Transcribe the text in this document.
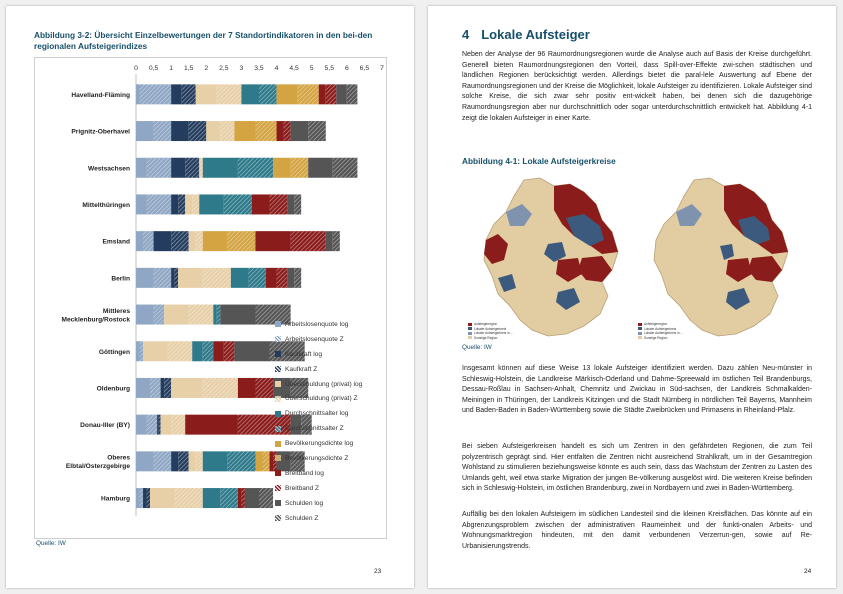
Abbildung 3-2: Übersicht Einzelbewertungen der 7 Standortindikatoren in den bei-den regionalen Aufsteigerindizes
0 0,5 1 1,5 2 2,5 3 3,5 4 4,5 5 5,5 6 6,5 7
Havelland-Fläming
Prignitz-Oberhavel
Westsachsen
Mittelthüringen
Emsland
Berlin
Mittleres
Mecklenburg/Rostock
Göttingen
Oldenburg
Donau-Iller (BY)
Oberes
Elbtal/Osterzgebirge
Hamburg
Arbeitslosenquote log
Arbeitslosenquote Z
Kaufkraft log
Kaufkraft Z
Überschuldung (privat) log
Überschuldung (privat) Z
Durchschnittsalter log
Durchschnittsalter Z
Bevölkerungsdichte log
Bevölkerungsdichte Z
Breitband log
Breitband Z
Schulden log
Schulden Z
Quelle: IW
23
4 Lokale Aufsteiger

Neben der Analyse der 96 Raumordnungsregionen wurde die Analyse auch auf Basis der Kreise durchgeführt. Generell bieten Raumordnungsregionen den Vorteil, dass Spill-over-Effekte zwi-schen städtischen und ländlichen Regionen berücksichtigt werden. Allerdings bietet die paral-lele Auswertung auf Ebene der Raumordnungsregionen und der Kreise die Möglichkeit, lokale Aufsteiger zu identifizieren. Lokale Aufsteiger sind solche Kreise, die sich zwar sehr positiv ent-wickelt haben, bei denen sich die dazugehörige Raumordnungsregion aber nur durchschnittlich oder sogar unterdurchschnittlich entwickelt hat. Abbildung 4-1 zeigt die lokalen Aufsteiger in einer Karte.

Abbildung 4-1: Lokale Aufsteigerkreise
Aufsteigerregion
Lokaler Aufsteigerkreis
Lokaler Aufsteigerkreis in ...
Sonstige Region
Aufsteigerregion
Lokaler Aufsteigerkreis
Lokaler Aufsteigerkreis in ...
Sonstige Region
Quelle: IW

Insgesamt können auf diese Weise 13 lokale Aufsteiger identifiziert werden. Dazu zählen Neu-münster in Schleswig-Holstein, die Landkreise Märkisch-Oderland und Dahme-Spreewald im östlichen Teil Brandenburgs, Dessau-Roßlau in Sachsen-Anhalt, Chemnitz und Zwickau in Süd-sachsen, der Landkreis Schmalkalden-Meiningen in Thüringen, der Landkreis Kitzingen und die Stadt Nürnberg in nördlichen Teil Bayerns, Mannheim und Baden-Baden in Baden-Württemberg sowie die Städte Zweibrücken und Primasens in Rheinland-Pfalz.

Bei sieben Aufsteigerkreisen handelt es sich um Zentren in den gefährdeten Regionen, die zum Teil polyzentrisch geprägt sind. Hier entfalten die Zentren nicht ausreichend Strahlkraft, um in der Gesamtregion Wohlstand zu stimulieren beziehungsweise könnte es auch sein, dass das Wachstum der Zentren zu Lasten des Umlands geht, weil etwa starke Migration der jungen Be-völkerung ausgelöst wird. Die weiteren Kreise befinden sich in Schleswig-Holstein, im östlichen Brandenburg, zwei in Nordbayern und zwei in Baden-Württemberg.

Auffällig bei den lokalen Aufsteigern im südlichen Landesteil sind die kleinen Kreisflächen. Das könnte auf ein Abgrenzungsproblem zwischen der administrativen Raumeinheit und der funkti-onalen Arbeits- und Wohnungsmarktregion hindeuten, mit den damit verbundenen Verzerrun-gen, sowie auf Re-Urbanisierungstrends.

24
